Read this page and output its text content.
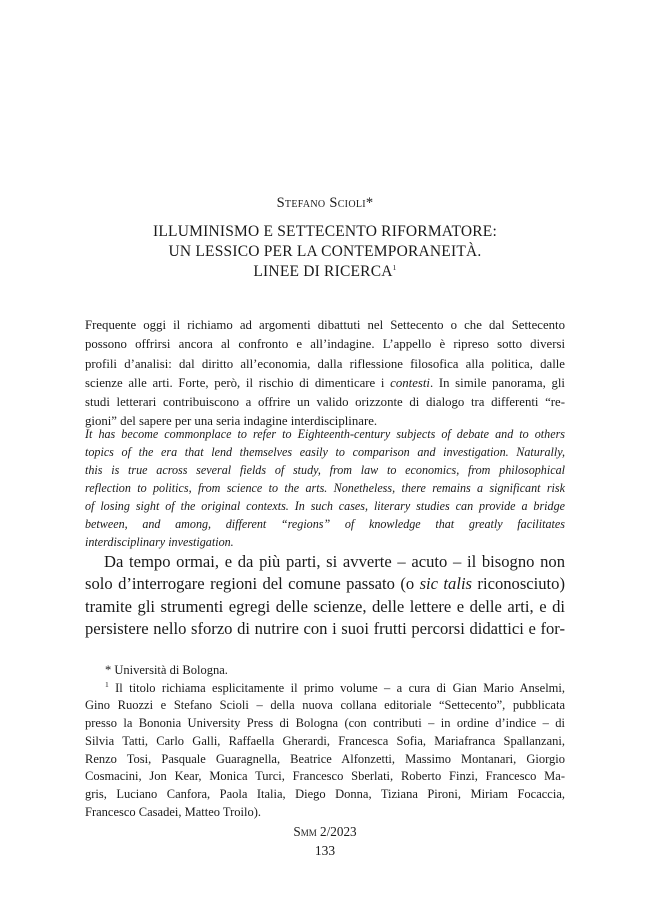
Stefano Scioli*
ILLUMINISMO E SETTECENTO RIFORMATORE:
UN LESSICO PER LA CONTEMPORANEITÀ.
LINEE DI RICERCA$^1$
Frequente oggi il richiamo ad argomenti dibattuti nel Settecento o che dal Settecento
possono offrirsi ancora al confronto e all’indagine. L’appello è ripreso sotto diversi
profili d’analisi: dal diritto all’economia, dalla riflessione filosofica alla politica, dalle
scienze alle arti. Forte, però, il rischio di dimenticare i contesti. In simile panorama, gli
studi letterari contribuiscono a offrire un valido orizzonte di dialogo tra differenti “re-
gioni” del sapere per una seria indagine interdisciplinare.
It has become commonplace to refer to Eighteenth-century subjects of debate and to others
topics of the era that lend themselves easily to comparison and investigation. Naturally,
this is true across several fields of study, from law to economics, from philosophical
reflection to politics, from science to the arts. Nonetheless, there remains a significant risk
of losing sight of the original contexts. In such cases, literary studies can provide a bridge
between, and among, different “regions” of knowledge that greatly facilitates
interdisciplinary investigation.
Da tempo ormai, e da più parti, si avverte – acuto – il bisogno non
solo d’interrogare regioni del comune passato (o sic talis riconosciuto)
tramite gli strumenti egregi delle scienze, delle lettere e delle arti, e di
persistere nello sforzo di nutrire con i suoi frutti percorsi didattici e for-
* Università di Bologna.
$^1$ Il titolo richiama esplicitamente il primo volume – a cura di Gian Mario Anselmi,
Gino Ruozzi e Stefano Scioli – della nuova collana editoriale “Settecento”, pubblicata
presso la Bononia University Press di Bologna (con contributi – in ordine d’indice – di
Silvia Tatti, Carlo Galli, Raffaella Gherardi, Francesca Sofia, Mariafranca Spallanzani,
Renzo Tosi, Pasquale Guaragnella, Beatrice Alfonzetti, Massimo Montanari, Giorgio
Cosmacini, Jon Kear, Monica Turci, Francesco Sberlati, Roberto Finzi, Francesco Ma-
gris, Luciano Canfora, Paola Italia, Diego Donna, Tiziana Pironi, Miriam Focaccia,
Francesco Casadei, Matteo Troilo).
Smm 2/2023
133
